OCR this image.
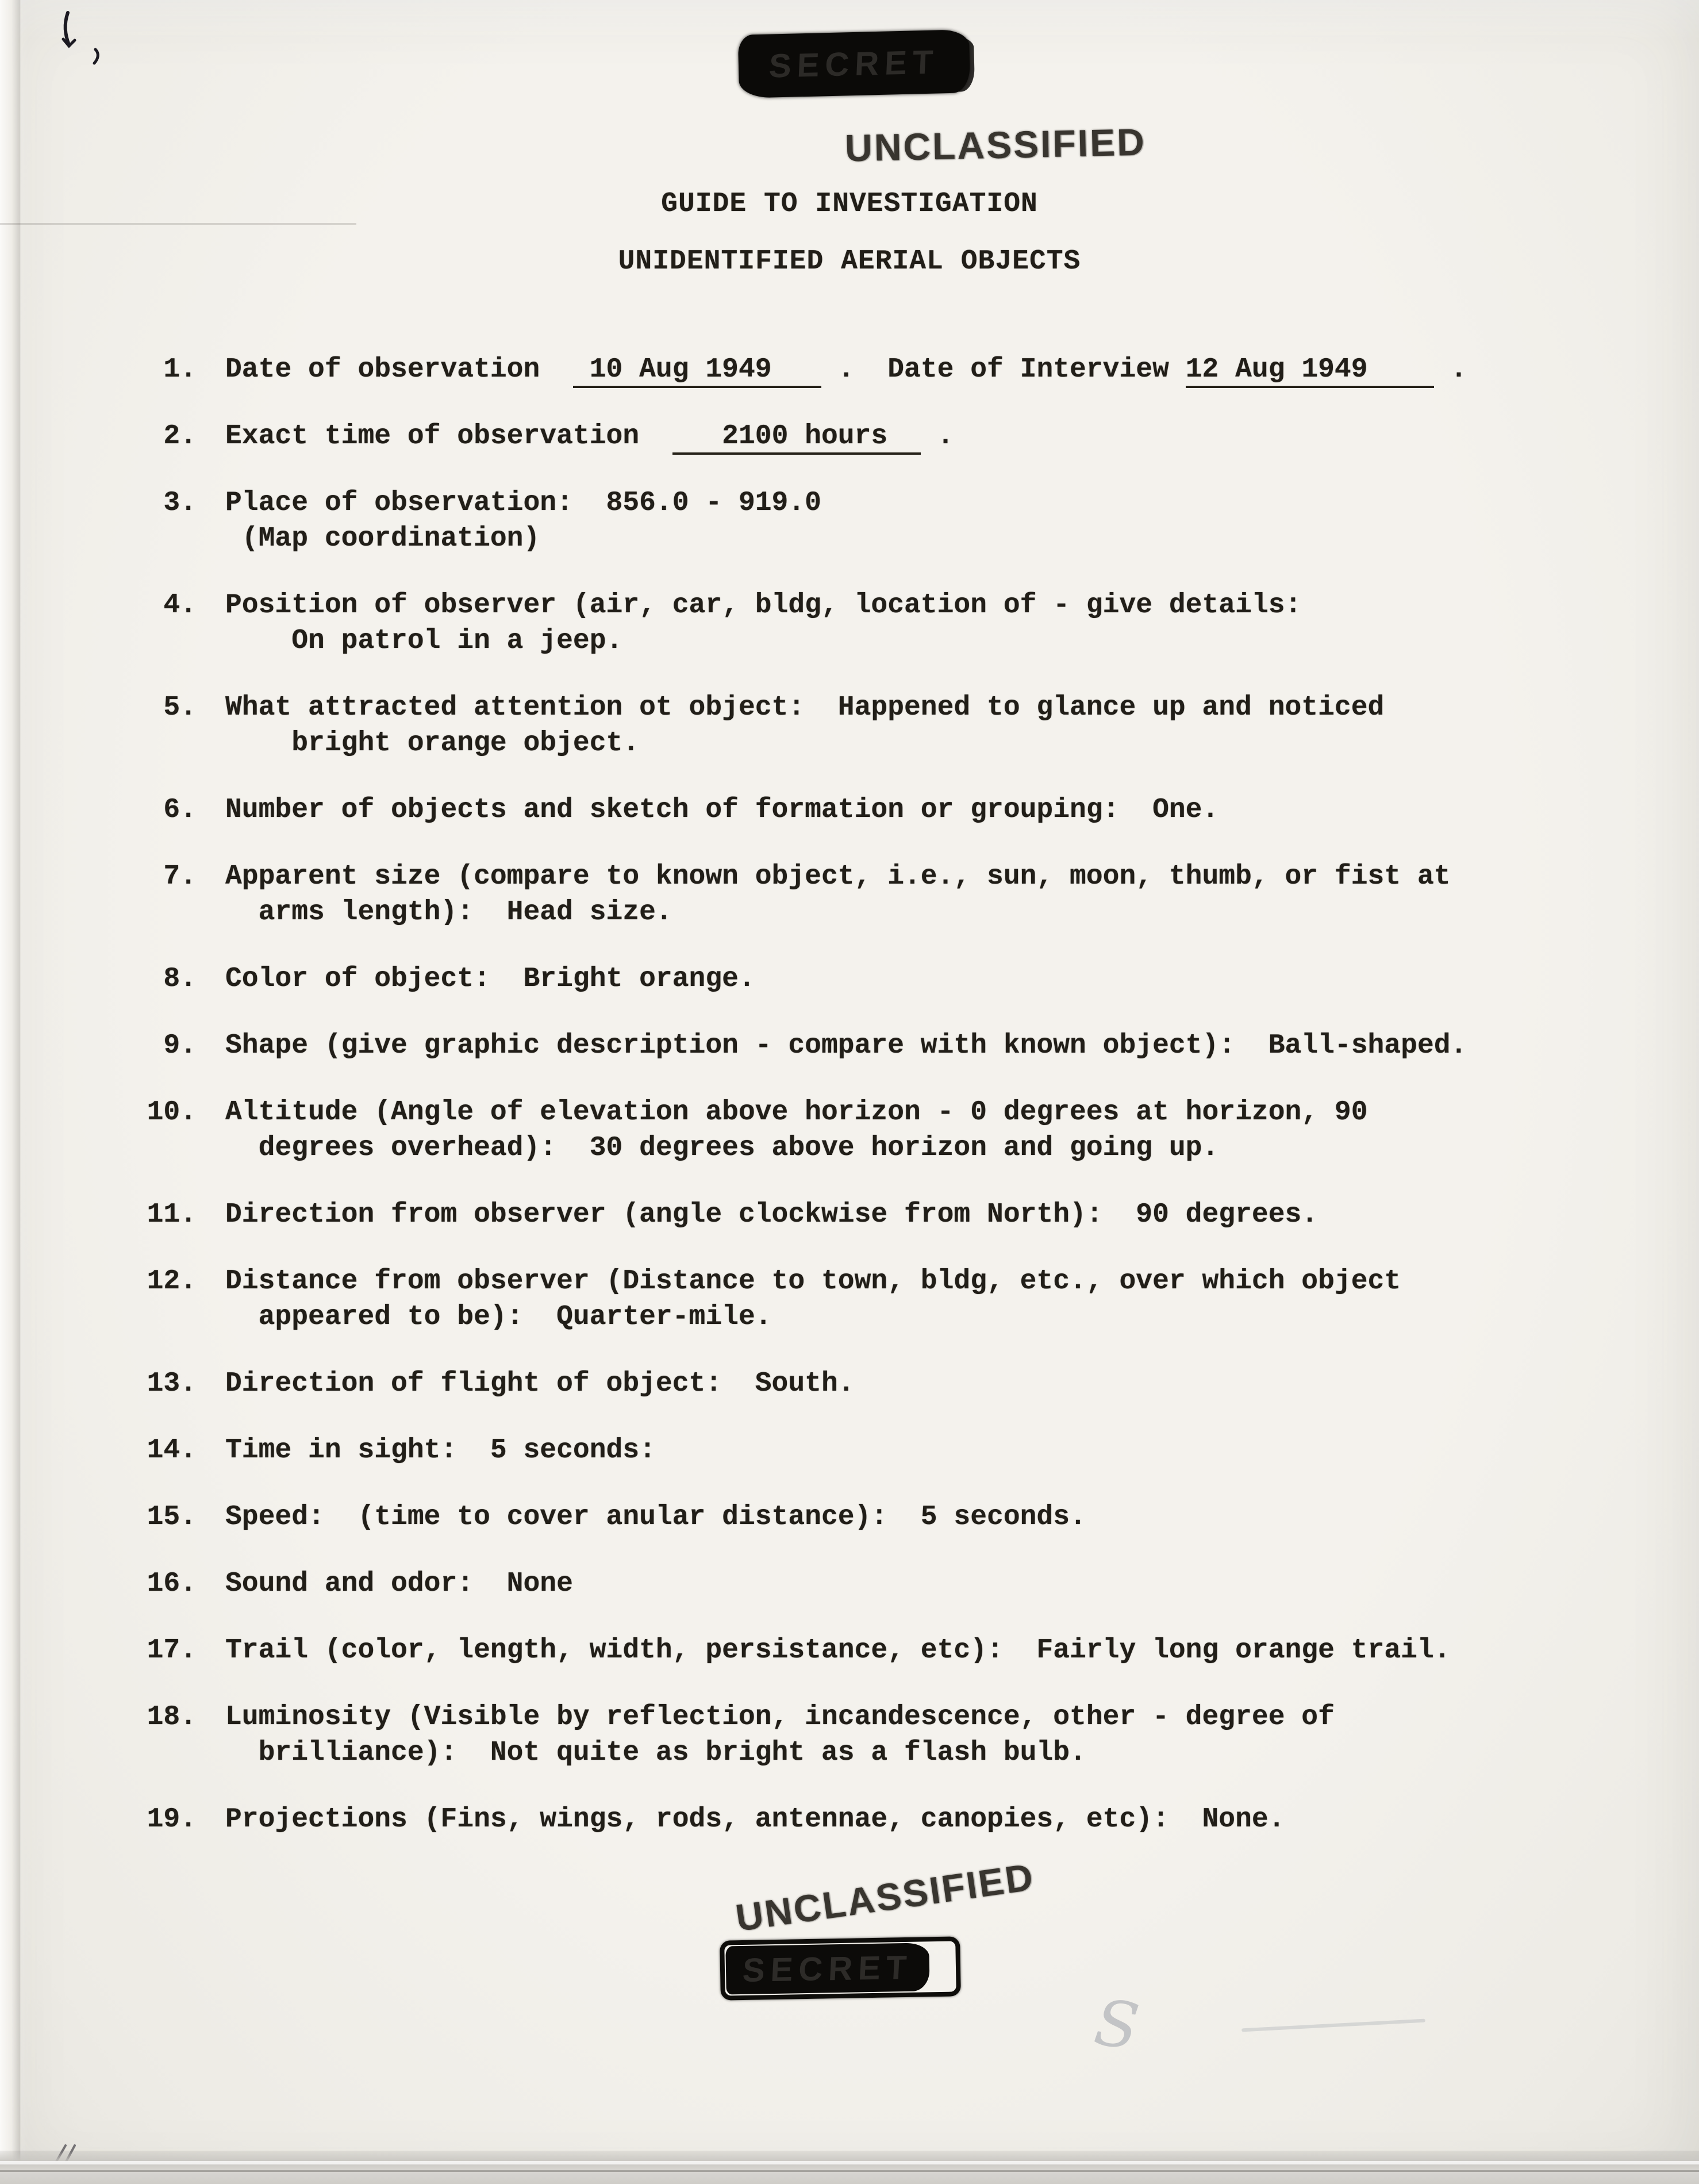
SECRET
UNCLASSIFIED
GUIDE TO INVESTIGATION
UNIDENTIFIED AERIAL OBJECTS
1. Date of observation   10 Aug 1949    .  Date of Interview 12 Aug 1949     .
2. Exact time of observation     2100 hours   .
3. Place of observation:  856.0 - 919.0
(Map coordination)
4. Position of observer (air, car, bldg, location of - give details:
On patrol in a jeep.
5. What attracted attention ot object:  Happened to glance up and noticed
bright orange object.
6. Number of objects and sketch of formation or grouping:  One.
7. Apparent size (compare to known object, i.e., sun, moon, thumb, or fist at
arms length):  Head size.
8. Color of object:  Bright orange.
9. Shape (give graphic description - compare with known object):  Ball-shaped.
10. Altitude (Angle of elevation above horizon - 0 degrees at horizon, 90
degrees overhead):  30 degrees above horizon and going up.
11. Direction from observer (angle clockwise from North):  90 degrees.
12. Distance from observer (Distance to town, bldg, etc., over which object
appeared to be):  Quarter-mile.
13. Direction of flight of object:  South.
14. Time in sight:  5 seconds:
15. Speed:  (time to cover anular distance):  5 seconds.
16. Sound and odor:  None
17. Trail (color, length, width, persistance, etc):  Fairly long orange trail.
18. Luminosity (Visible by reflection, incandescence, other - degree of
brilliance):  Not quite as bright as a flash bulb.
19. Projections (Fins, wings, rods, antennae, canopies, etc):  None.
UNCLASSIFIED
SECRET
S
